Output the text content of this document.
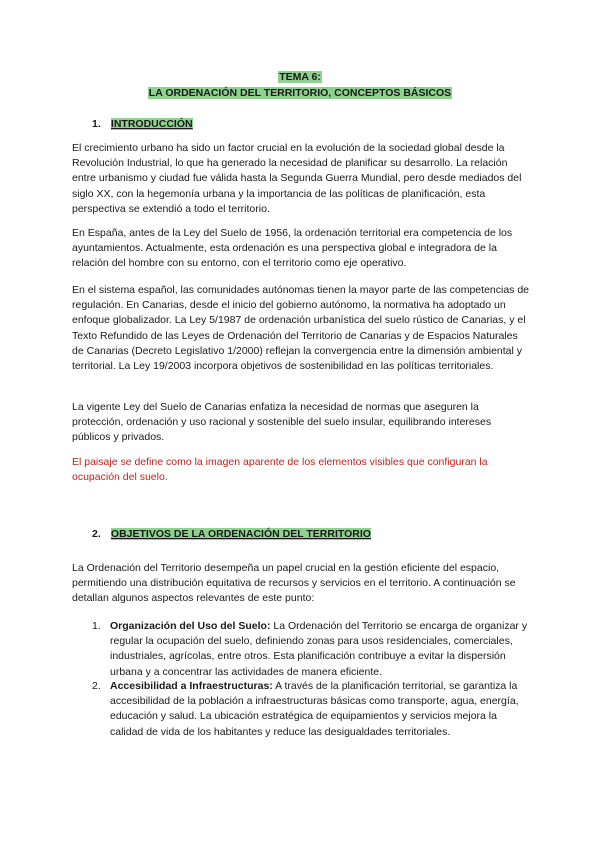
TEMA 6:
LA ORDENACIÓN DEL TERRITORIO, CONCEPTOS BÁSICOS
1. INTRODUCCIÓN

El crecimiento urbano ha sido un factor crucial en la evolución de la sociedad global desde la Revolución Industrial, lo que ha generado la necesidad de planificar su desarrollo. La relación entre urbanismo y ciudad fue válida hasta la Segunda Guerra Mundial, pero desde mediados del siglo XX, con la hegemonía urbana y la importancia de las políticas de planificación, esta perspectiva se extendió a todo el territorio.

En España, antes de la Ley del Suelo de 1956, la ordenación territorial era competencia de los ayuntamientos. Actualmente, esta ordenación es una perspectiva global e integradora de la relación del hombre con su entorno, con el territorio como eje operativo.

En el sistema español, las comunidades autónomas tienen la mayor parte de las competencias de regulación. En Canarias, desde el inicio del gobierno autónomo, la normativa ha adoptado un enfoque globalizador. La Ley 5/1987 de ordenación urbanística del suelo rústico de Canarias, y el Texto Refundido de las Leyes de Ordenación del Territorio de Canarias y de Espacios Naturales de Canarias (Decreto Legislativo 1/2000) reflejan la convergencia entre la dimensión ambiental y territorial. La Ley 19/2003 incorpora objetivos de sostenibilidad en las políticas territoriales.

La vigente Ley del Suelo de Canarias enfatiza la necesidad de normas que aseguren la protección, ordenación y uso racional y sostenible del suelo insular, equilibrando intereses públicos y privados.

El paisaje se define como la imagen aparente de los elementos visibles que configuran la ocupación del suelo.

2. OBJETIVOS DE LA ORDENACIÓN DEL TERRITORIO

La Ordenación del Territorio desempeña un papel crucial en la gestión eficiente del espacio, permitiendo una distribución equitativa de recursos y servicios en el territorio. A continuación se detallan algunos aspectos relevantes de este punto:

1. Organización del Uso del Suelo: La Ordenación del Territorio se encarga de organizar y regular la ocupación del suelo, definiendo zonas para usos residenciales, comerciales, industriales, agrícolas, entre otros. Esta planificación contribuye a evitar la dispersión urbana y a concentrar las actividades de manera eficiente.
2. Accesibilidad a Infraestructuras: A través de la planificación territorial, se garantiza la accesibilidad de la población a infraestructuras básicas como transporte, agua, energía, educación y salud. La ubicación estratégica de equipamientos y servicios mejora la calidad de vida de los habitantes y reduce las desigualdades territoriales.
